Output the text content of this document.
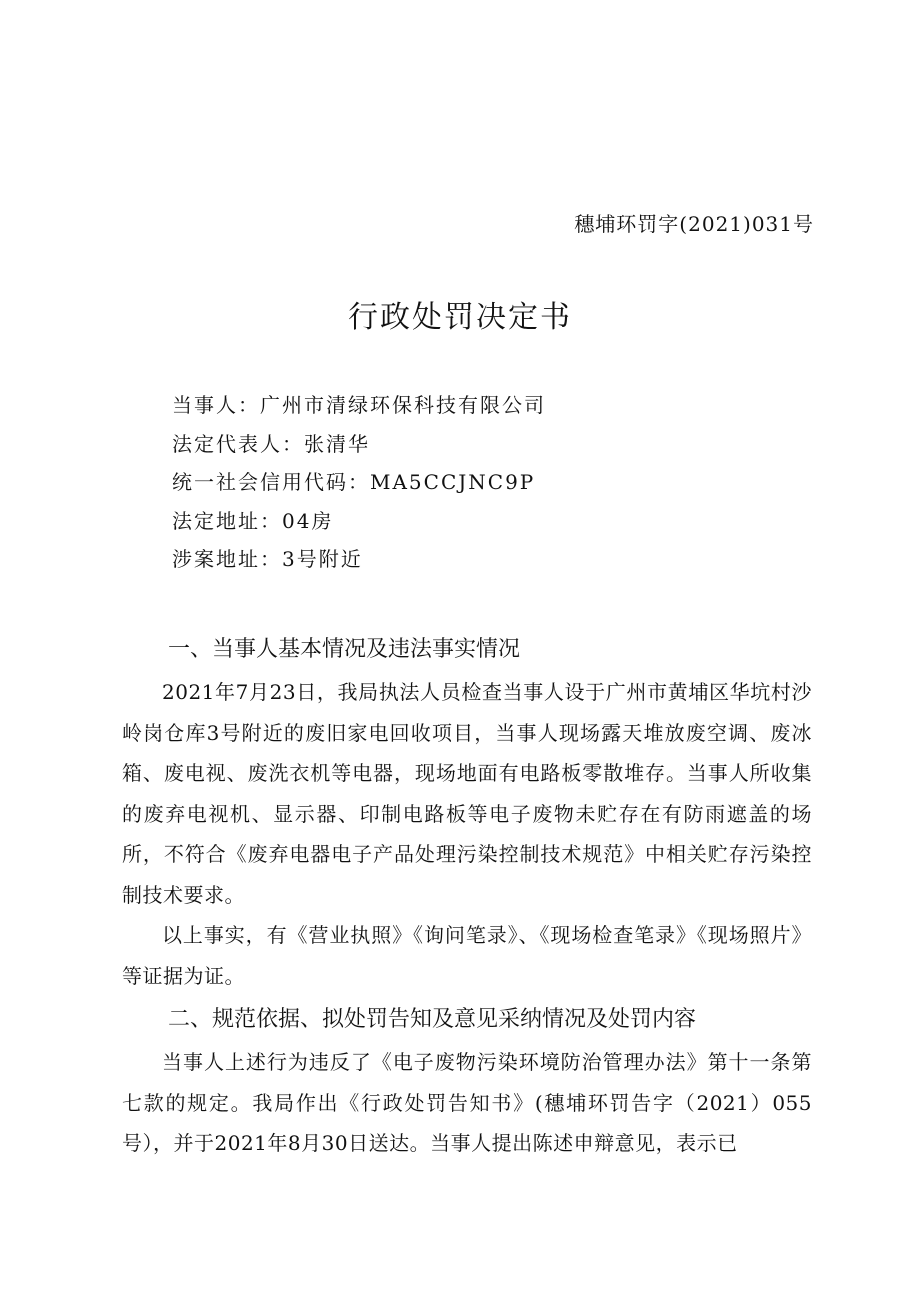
穗埔环罚字(2021)031号
行政处罚决定书
当事人：广州市清绿环保科技有限公司
法定代表人：张清华
统一社会信用代码：MA5CCJNC9P
法定地址：04房
涉案地址：3号附近
一、当事人基本情况及违法事实情况

2021年7月23日，我局执法人员检查当事人设于广州市黄埔区华坑村沙岭岗仓库3号附近的废旧家电回收项目，当事人现场露天堆放废空调、废冰箱、废电视、废洗衣机等电器，现场地面有电路板零散堆存。当事人所收集的废弃电视机、显示器、印制电路板等电子废物未贮存在有防雨遮盖的场所，不符合《废弃电器电子产品处理污染控制技术规范》中相关贮存污染控制技术要求。

以上事实，有《营业执照》《询问笔录》、《现场检查笔录》《现场照片》等证据为证。

二、规范依据、拟处罚告知及意见采纳情况及处罚内容

当事人上述行为违反了《电子废物污染环境防治管理办法》第十一条第七款的规定。我局作出《行政处罚告知书》(穗埔环罚告字（2021）055号），并于2021年8月30日送达。当事人提出陈述申辩意见，表示已
